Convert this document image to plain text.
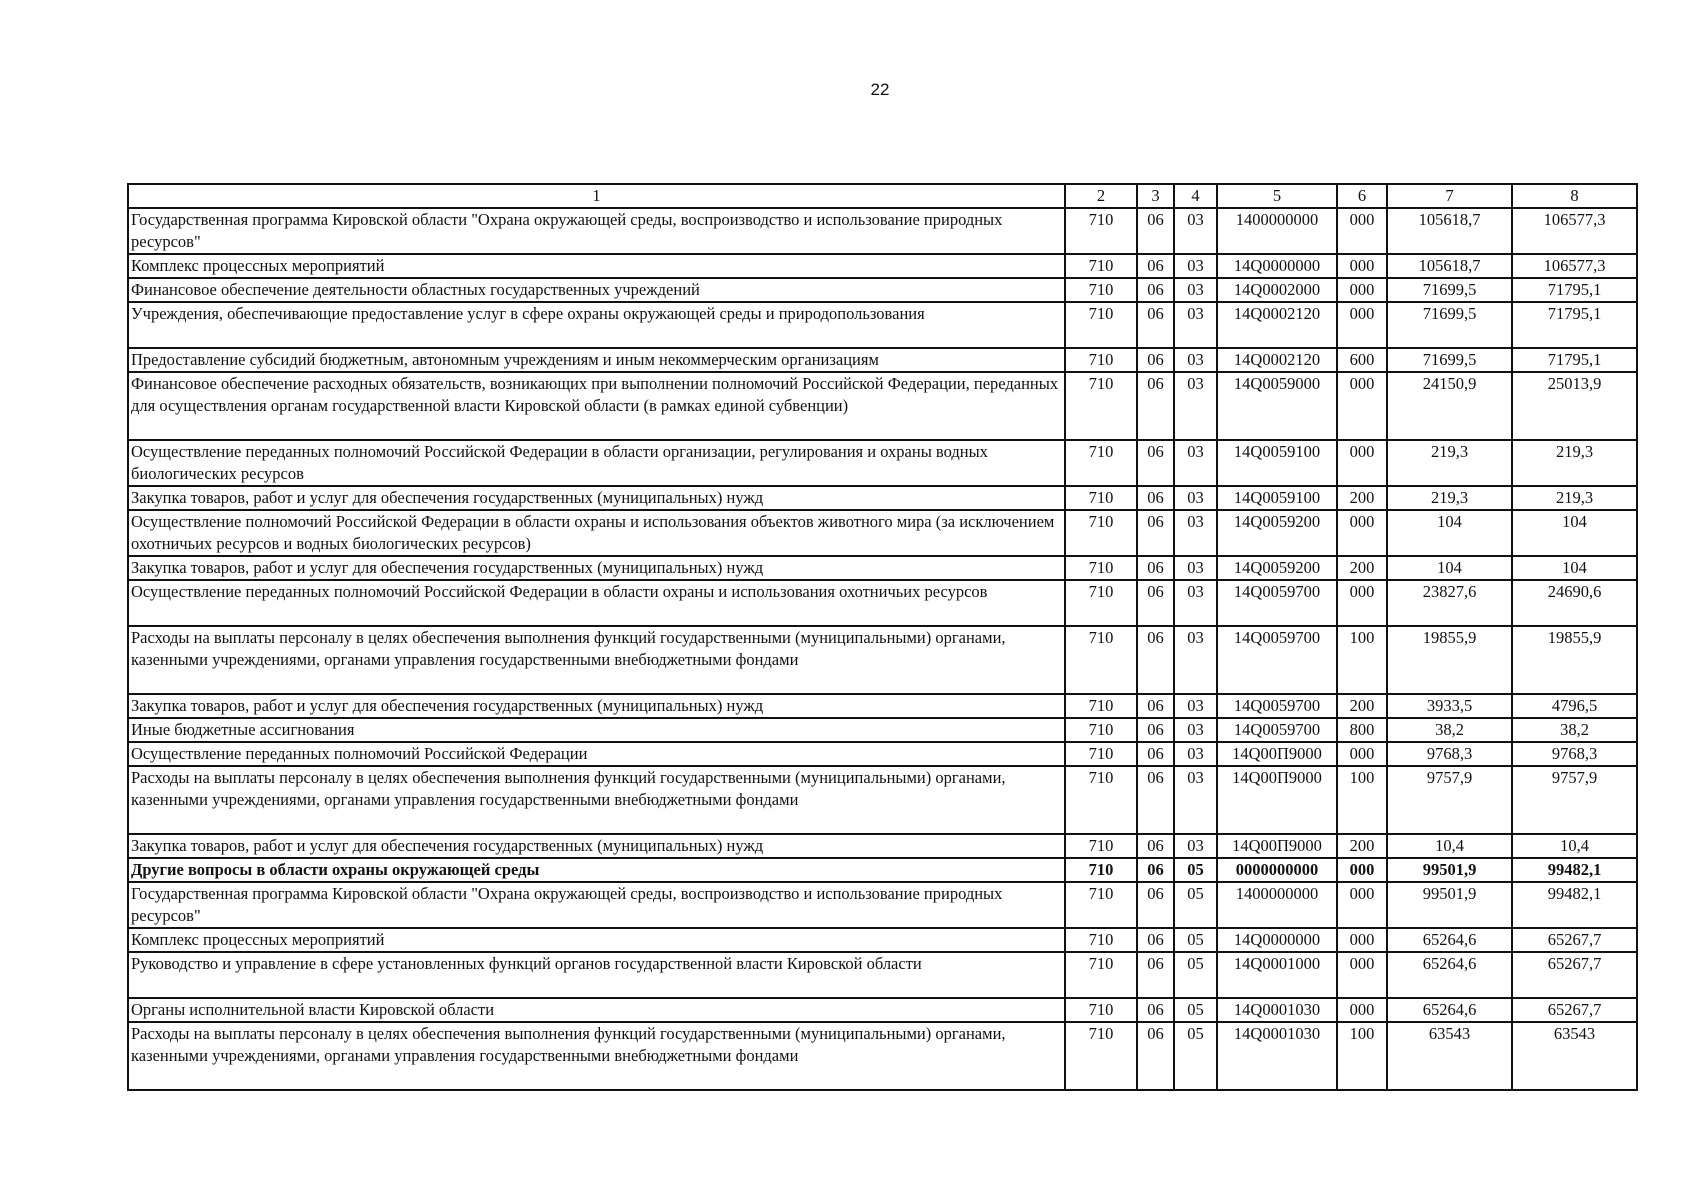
22
1	2	3	4	5	6	7	8
Государственная программа Кировской области "Охрана окружающей среды, воспроизводство и использование природных ресурсов"	710	06	03	1400000000	000	105618,7	106577,3
Комплекс процессных мероприятий	710	06	03	14Q0000000	000	105618,7	106577,3
Финансовое обеспечение деятельности областных государственных учреждений	710	06	03	14Q0002000	000	71699,5	71795,1
Учреждения, обеспечивающие предоставление услуг в сфере охраны окружающей среды и природопользования	710	06	03	14Q0002120	000	71699,5	71795,1
Предоставление субсидий бюджетным, автономным учреждениям и иным некоммерческим организациям	710	06	03	14Q0002120	600	71699,5	71795,1
Финансовое обеспечение расходных обязательств, возникающих при выполнении полномочий Российской Федерации, переданных для осуществления органам государственной власти Кировской области (в рамках единой субвенции)	710	06	03	14Q0059000	000	24150,9	25013,9
Осуществление переданных полномочий Российской Федерации в области организации, регулирования и охраны водных биологических ресурсов	710	06	03	14Q0059100	000	219,3	219,3
Закупка товаров, работ и услуг для обеспечения государственных (муниципальных) нужд	710	06	03	14Q0059100	200	219,3	219,3
Осуществление полномочий Российской Федерации в области охраны и использования объектов животного мира (за исключением охотничьих ресурсов и водных биологических ресурсов)	710	06	03	14Q0059200	000	104	104
Закупка товаров, работ и услуг для обеспечения государственных (муниципальных) нужд	710	06	03	14Q0059200	200	104	104
Осуществление переданных полномочий Российской Федерации в области охраны и использования охотничьих ресурсов	710	06	03	14Q0059700	000	23827,6	24690,6
Расходы на выплаты персоналу в целях обеспечения выполнения функций государственными (муниципальными) органами, казенными учреждениями, органами управления государственными внебюджетными фондами	710	06	03	14Q0059700	100	19855,9	19855,9
Закупка товаров, работ и услуг для обеспечения государственных (муниципальных) нужд	710	06	03	14Q0059700	200	3933,5	4796,5
Иные бюджетные ассигнования	710	06	03	14Q0059700	800	38,2	38,2
Осуществление переданных полномочий Российской Федерации	710	06	03	14Q00П9000	000	9768,3	9768,3
Расходы на выплаты персоналу в целях обеспечения выполнения функций государственными (муниципальными) органами, казенными учреждениями, органами управления государственными внебюджетными фондами	710	06	03	14Q00П9000	100	9757,9	9757,9
Закупка товаров, работ и услуг для обеспечения государственных (муниципальных) нужд	710	06	03	14Q00П9000	200	10,4	10,4
Другие вопросы в области охраны окружающей среды	710	06	05	0000000000	000	99501,9	99482,1
Государственная программа Кировской области "Охрана окружающей среды, воспроизводство и использование природных ресурсов"	710	06	05	1400000000	000	99501,9	99482,1
Комплекс процессных мероприятий	710	06	05	14Q0000000	000	65264,6	65267,7
Руководство и управление в сфере установленных функций органов государственной власти Кировской области	710	06	05	14Q0001000	000	65264,6	65267,7
Органы исполнительной власти Кировской области	710	06	05	14Q0001030	000	65264,6	65267,7
Расходы на выплаты персоналу в целях обеспечения выполнения функций государственными (муниципальными) органами, казенными учреждениями, органами управления государственными внебюджетными фондами	710	06	05	14Q0001030	100	63543	63543
